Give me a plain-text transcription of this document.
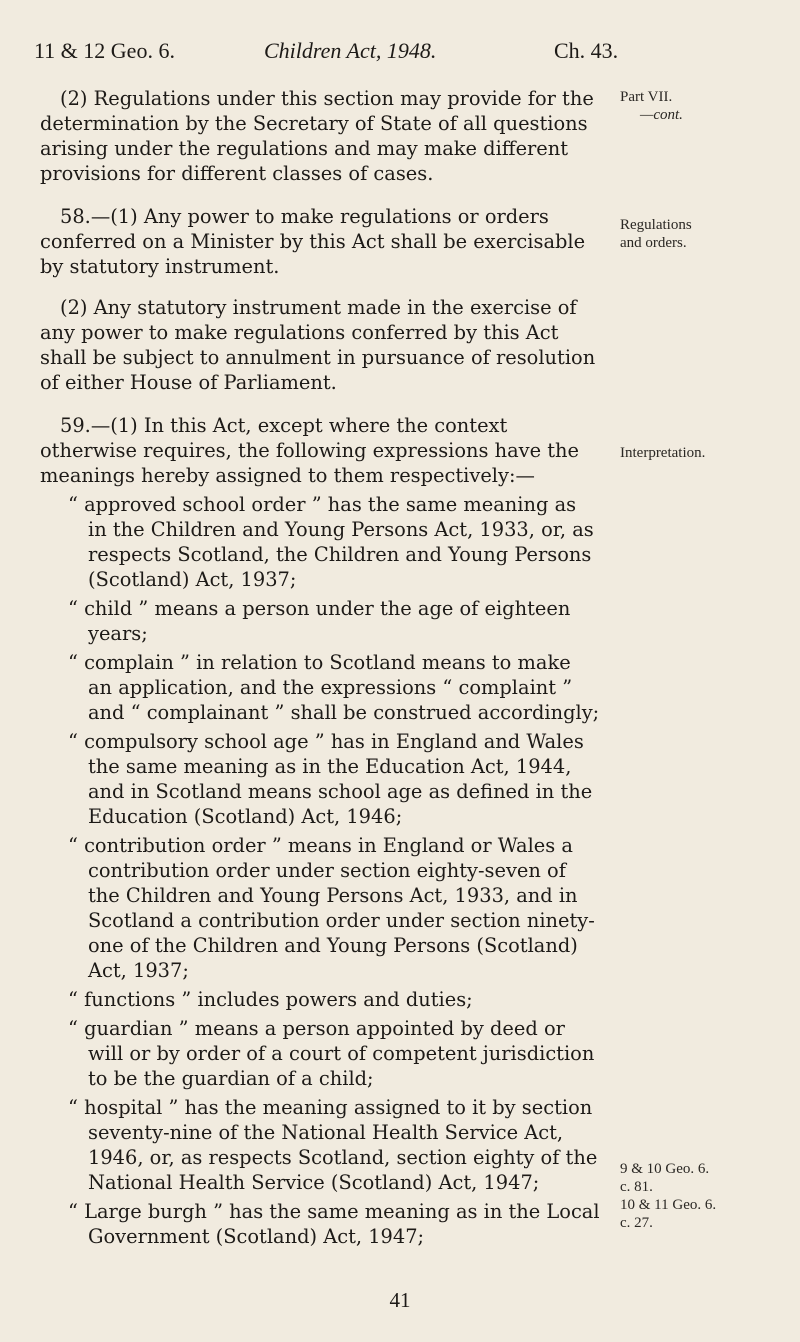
11 & 12 Geo. 6.	Children Act, 1948.	Ch. 43.

(2) Regulations under this section may provide for the determination by the Secretary of State of all questions arising under the regulations and may make different provisions for different classes of cases.

58.—(1) Any power to make regulations or orders conferred on a Minister by this Act shall be exercisable by statutory instrument.

(2) Any statutory instrument made in the exercise of any power to make regulations conferred by this Act shall be subject to annulment in pursuance of resolution of either House of Parliament.

59.—(1) In this Act, except where the context otherwise requires, the following expressions have the meanings hereby assigned to them respectively:—

“ approved school order ” has the same meaning as in the Children and Young Persons Act, 1933, or, as respects Scotland, the Children and Young Persons (Scotland) Act, 1937;

“ child ” means a person under the age of eighteen years;

“ complain ” in relation to Scotland means to make an application, and the expressions “ complaint ” and “ complainant ” shall be construed accordingly;

“ compulsory school age ” has in England and Wales the same meaning as in the Education Act, 1944, and in Scotland means school age as defined in the Education (Scotland) Act, 1946;

“ contribution order ” means in England or Wales a contribution order under section eighty-seven of the Children and Young Persons Act, 1933, and in Scotland a contribution order under section ninety-one of the Children and Young Persons (Scotland) Act, 1937;

“ functions ” includes powers and duties;

“ guardian ” means a person appointed by deed or will or by order of a court of competent jurisdiction to be the guardian of a child;

“ hospital ” has the meaning assigned to it by section seventy-nine of the National Health Service Act, 1946, or, as respects Scotland, section eighty of the National Health Service (Scotland) Act, 1947;

“ Large burgh ” has the same meaning as in the Local Government (Scotland) Act, 1947;

Part VII.
—cont.
Regulations
and orders.
Interpretation.
9 & 10 Geo. 6.
c. 81.
10 & 11 Geo. 6.
c. 27.
41
